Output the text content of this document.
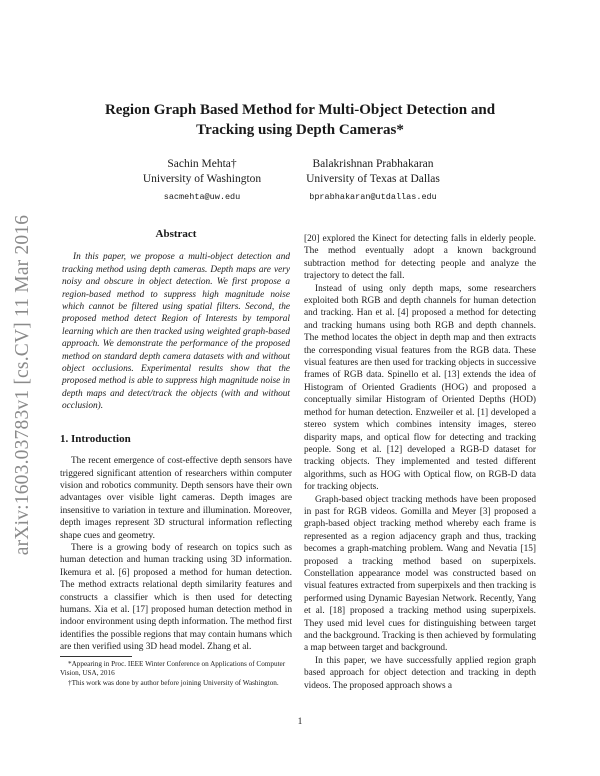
arXiv:1603.03783v1 [cs.CV] 11 Mar 2016
Region Graph Based Method for Multi-Object Detection and
Tracking using Depth Cameras*
Sachin Mehta†
University of Washington
sacmehta@uw.edu
Balakrishnan Prabhakaran
University of Texas at Dallas
bprabhakaran@utdallas.edu
Abstract

In this paper, we propose a multi-object detection and tracking method using depth cameras. Depth maps are very noisy and obscure in object detection. We first propose a region-based method to suppress high magnitude noise which cannot be filtered using spatial filters. Second, the proposed method detect Region of Interests by temporal learning which are then tracked using weighted graph-based approach. We demonstrate the performance of the proposed method on standard depth camera datasets with and without object occlusions. Experimental results show that the proposed method is able to suppress high magnitude noise in depth maps and detect/track the objects (with and without occlusion).

1. Introduction

The recent emergence of cost-effective depth sensors have triggered significant attention of researchers within computer vision and robotics community. Depth sensors have their own advantages over visible light cameras. Depth images are insensitive to variation in texture and illumination. Moreover, depth images represent 3D structural information reflecting shape cues and geometry.

There is a growing body of research on topics such as human detection and human tracking using 3D information. Ikemura et al. [6] proposed a method for human detection. The method extracts relational depth similarity features and constructs a classifier which is then used for detecting humans. Xia et al. [17] proposed human detection method in indoor environment using depth information. The method first identifies the possible regions that may contain humans which are then verified using 3D head model. Zhang et al.

[20] explored the Kinect for detecting falls in elderly people. The method eventually adopt a known background subtraction method for detecting people and analyze the trajectory to detect the fall.

Instead of using only depth maps, some researchers exploited both RGB and depth channels for human detection and tracking. Han et al. [4] proposed a method for detecting and tracking humans using both RGB and depth channels. The method locates the object in depth map and then extracts the corresponding visual features from the RGB data. These visual features are then used for tracking objects in successive frames of RGB data. Spinello et al. [13] extends the idea of Histogram of Oriented Gradients (HOG) and proposed a conceptually similar Histogram of Oriented Depths (HOD) method for human detection. Enzweiler et al. [1] developed a stereo system which combines intensity images, stereo disparity maps, and optical flow for detecting and tracking people. Song et al. [12] developed a RGB-D dataset for tracking objects. They implemented and tested different algorithms, such as HOG with Optical flow, on RGB-D data for tracking objects.

Graph-based object tracking methods have been proposed in past for RGB videos. Gomilla and Meyer [3] proposed a graph-based object tracking method whereby each frame is represented as a region adjacency graph and thus, tracking becomes a graph-matching problem. Wang and Nevatia [15] proposed a tracking method based on superpixels. Constellation appearance model was constructed based on visual features extracted from superpixels and then tracking is performed using Dynamic Bayesian Network. Recently, Yang et al. [18] proposed a tracking method using superpixels. They used mid level cues for distinguishing between target and the background. Tracking is then achieved by formulating a map between target and background.

In this paper, we have successfully applied region graph based approach for object detection and tracking in depth videos. The proposed approach shows a

*Appearing in Proc. IEEE Winter Conference on Applications of Computer Vision, USA, 2016
†This work was done by author before joining University of Washington.
1
